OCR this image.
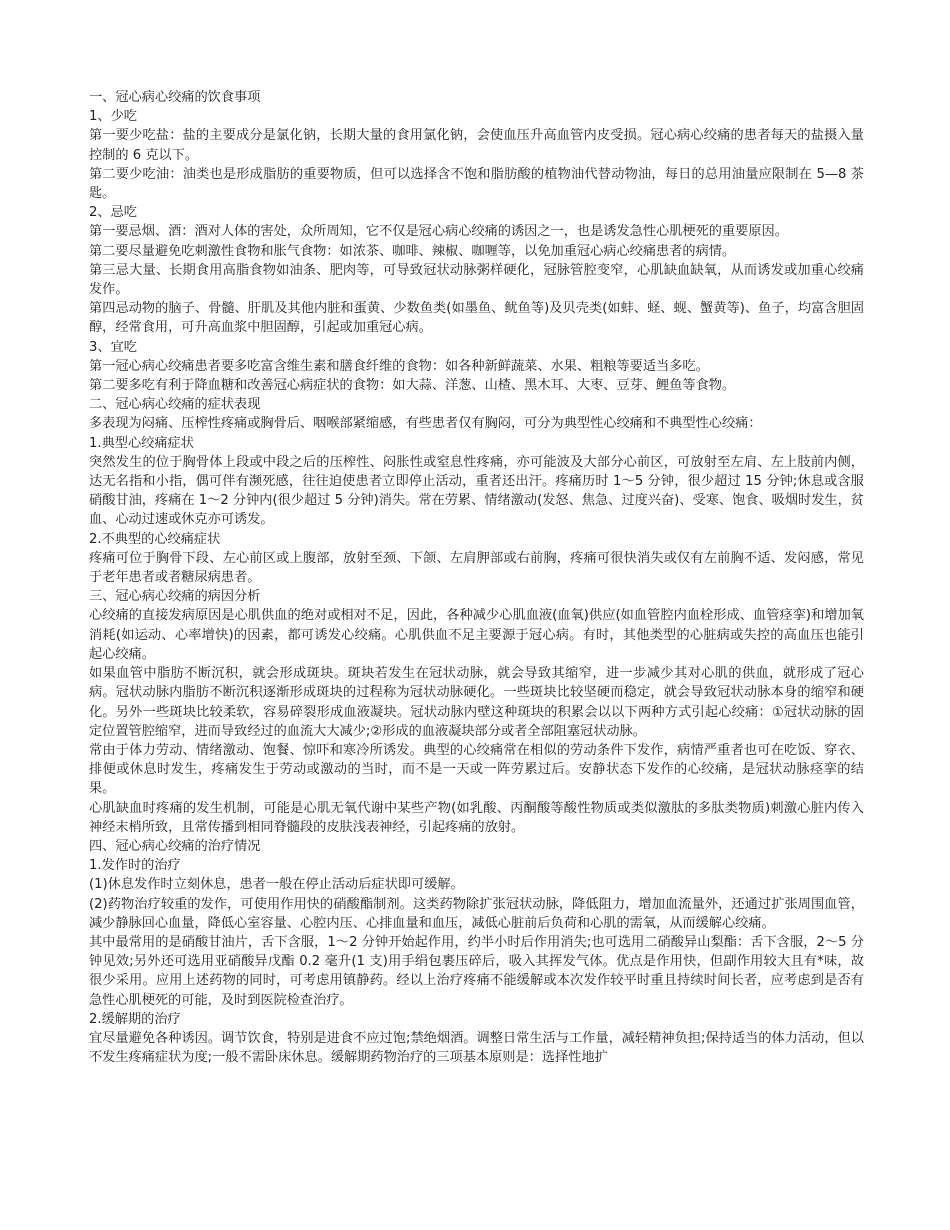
一、冠心病心绞痛的饮食事项

1、少吃

第一要少吃盐：盐的主要成分是氯化钠，长期大量的食用氯化钠，会使血压升高血管内皮受损。冠心病心绞痛的患者每天的盐摄入量控制的 6 克以下。

第二要少吃油：油类也是形成脂肪的重要物质，但可以选择含不饱和脂肪酸的植物油代替动物油，每日的总用油量应限制在 5—8 茶匙。

2、忌吃

第一要忌烟、酒：酒对人体的害处，众所周知，它不仅是冠心病心绞痛的诱因之一，也是诱发急性心肌梗死的重要原因。

第二要尽量避免吃刺激性食物和胀气食物：如浓茶、咖啡、辣椒、咖喱等，以免加重冠心病心绞痛患者的病情。

第三忌大量、长期食用高脂食物如油条、肥肉等，可导致冠状动脉粥样硬化，冠脉管腔变窄，心肌缺血缺氧，从而诱发或加重心绞痛发作。

第四忌动物的脑子、骨髓、肝肌及其他内脏和蛋黄、少数鱼类(如墨鱼、鱿鱼等)及贝壳类(如蚌、蛏、蚬、蟹黄等)、鱼子，均富含胆固醇，经常食用，可升高血浆中胆固醇，引起或加重冠心病。

3、宜吃

第一冠心病心绞痛患者要多吃富含维生素和膳食纤维的食物：如各种新鲜蔬菜、水果、粗粮等要适当多吃。

第二要多吃有利于降血糖和改善冠心病症状的食物：如大蒜、洋葱、山楂、黑木耳、大枣、豆芽、鲤鱼等食物。

二、冠心病心绞痛的症状表现

多表现为闷痛、压榨性疼痛或胸骨后、咽喉部紧缩感，有些患者仅有胸闷，可分为典型性心绞痛和不典型性心绞痛：

1.典型心绞痛症状

突然发生的位于胸骨体上段或中段之后的压榨性、闷胀性或窒息性疼痛，亦可能波及大部分心前区，可放射至左肩、左上肢前内侧，达无名指和小指，偶可伴有濒死感，往往迫使患者立即停止活动，重者还出汗。疼痛历时 1～5 分钟，很少超过 15 分钟;休息或含服硝酸甘油，疼痛在 1～2 分钟内(很少超过 5 分钟)消失。常在劳累、情绪激动(发怒、焦急、过度兴奋)、受寒、饱食、吸烟时发生，贫血、心动过速或休克亦可诱发。

2.不典型的心绞痛症状

疼痛可位于胸骨下段、左心前区或上腹部，放射至颈、下颌、左肩胛部或右前胸，疼痛可很快消失或仅有左前胸不适、发闷感，常见于老年患者或者糖尿病患者。

三、冠心病心绞痛的病因分析

心绞痛的直接发病原因是心肌供血的绝对或相对不足，因此，各种减少心肌血液(血氧)供应(如血管腔内血栓形成、血管痉挛)和增加氧消耗(如运动、心率增快)的因素，都可诱发心绞痛。心肌供血不足主要源于冠心病。有时，其他类型的心脏病或失控的高血压也能引起心绞痛。

如果血管中脂肪不断沉积，就会形成斑块。斑块若发生在冠状动脉，就会导致其缩窄，进一步减少其对心肌的供血，就形成了冠心病。冠状动脉内脂肪不断沉积逐渐形成斑块的过程称为冠状动脉硬化。一些斑块比较坚硬而稳定，就会导致冠状动脉本身的缩窄和硬化。另外一些斑块比较柔软，容易碎裂形成血液凝块。冠状动脉内壁这种斑块的积累会以以下两种方式引起心绞痛：①冠状动脉的固定位置管腔缩窄，进而导致经过的血流大大减少;②形成的血液凝块部分或者全部阻塞冠状动脉。

常由于体力劳动、情绪激动、饱餐、惊吓和寒冷所诱发。典型的心绞痛常在相似的劳动条件下发作，病情严重者也可在吃饭、穿衣、排便或休息时发生，疼痛发生于劳动或激动的当时，而不是一天或一阵劳累过后。安静状态下发作的心绞痛，是冠状动脉痉挛的结果。

心肌缺血时疼痛的发生机制，可能是心肌无氧代谢中某些产物(如乳酸、丙酮酸等酸性物质或类似激肽的多肽类物质)刺激心脏内传入神经末梢所致，且常传播到相同脊髓段的皮肤浅表神经，引起疼痛的放射。

四、冠心病心绞痛的治疗情况

1.发作时的治疗

(1)休息发作时立刻休息，患者一般在停止活动后症状即可缓解。

(2)药物治疗较重的发作，可使用作用快的硝酸酯制剂。这类药物除扩张冠状动脉，降低阻力，增加血流量外，还通过扩张周围血管，减少静脉回心血量，降低心室容量、心腔内压、心排血量和血压，减低心脏前后负荷和心肌的需氧，从而缓解心绞痛。

其中最常用的是硝酸甘油片，舌下含服，1～2 分钟开始起作用，约半小时后作用消失;也可选用二硝酸异山梨酯：舌下含服，2～5 分钟见效;另外还可选用亚硝酸异戊酯 0.2 毫升(1 支)用手绢包裹压碎后，吸入其挥发气体。优点是作用快，但副作用较大且有*味，故很少采用。应用上述药物的同时，可考虑用镇静药。经以上治疗疼痛不能缓解或本次发作较平时重且持续时间长者，应考虑到是否有急性心肌梗死的可能，及时到医院检查治疗。

2.缓解期的治疗

宜尽量避免各种诱因。调节饮食，特别是进食不应过饱;禁绝烟酒。调整日常生活与工作量，减轻精神负担;保持适当的体力活动，但以不发生疼痛症状为度;一般不需卧床休息。缓解期药物治疗的三项基本原则是：选择性地扩
